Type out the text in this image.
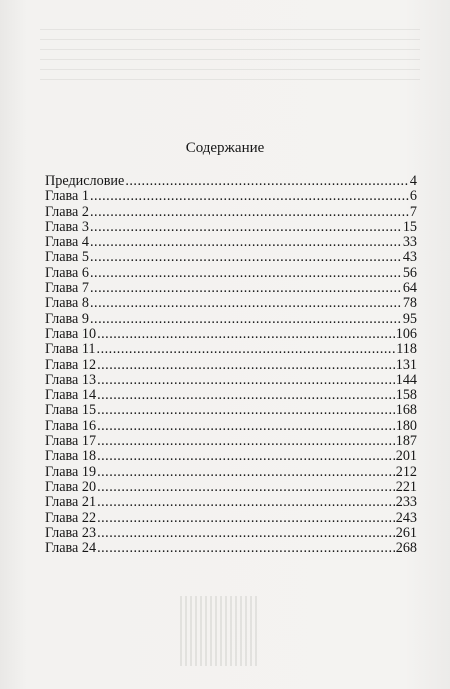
Содержание
Предисловие .....	4
Глава 1 .....	6
Глава 2 .....	7
Глава 3 .....	15
Глава 4 .....	33
Глава 5 .....	43
Глава 6 .....	56
Глава 7 .....	64
Глава 8 .....	78
Глава 9 .....	95
Глава 10 .....	106
Глава 11 .....	118
Глава 12 .....	131
Глава 13 .....	144
Глава 14 .....	158
Глава 15 .....	168
Глава 16 .....	180
Глава 17 .....	187
Глава 18 .....	201
Глава 19 .....	212
Глава 20 .....	221
Глава 21 .....	233
Глава 22 .....	243
Глава 23 .....	261
Глава 24 .....	268
